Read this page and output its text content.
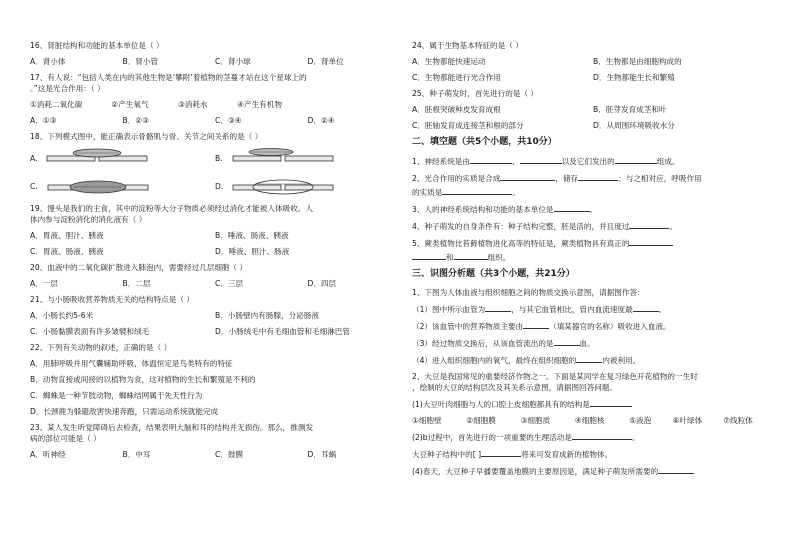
16、肾脏结构和功能的基本单位是（ ）
A．肾小体	B．肾小管	C．肾小球	D．肾单位
17、有人说：“包括人类在内的其他生物是‘攀附’着植物的茎蔓才站在这个星球上的
。”这是光合作用：（ ）
①消耗二氧化碳	②产生氧气	③消耗水	④产生有机物
A．①③	B．②③	C．③④	D．②④
18、下列模式图中，能正确表示骨骼肌与骨、关节之间关系的是（ ）
A.	B.
C.	D.
19、馒头是我们的主食，其中的淀粉等大分子物质必须经过消化才能被人体吸收。人
体内参与淀粉消化的消化液有（ ）
A．胃液、胆汁、胰液	B．唾液、肠液、胰液
C．胃液、肠液、胰液	D．唾液、胆汁、肠液
20、血液中的二氧化碳扩散进入肺泡内，需要经过几层细胞（ ）
A．一层	B．二层	C．三层	D．四层
21、与小肠吸收营养物质无关的结构特点是（ ）
A．小肠长约5-6米	B．小肠壁内有肠腺，分泌肠液
C．小肠黏膜表面有许多皱襞和绒毛	D．小肠绒毛中有毛细血管和毛细淋巴管
22、下列有关动物的叙述，正确的是（ ）
A．用肺呼吸并用气囊辅助呼吸、体温恒定是鸟类特有的特征
B．动物直接或间接的以植物为食，这对植物的生长和繁殖是不利的
C．蜘蛛是一种节肢动物，蜘蛛结网属于先天性行为
D．长颈鹿为躲避敌害快速奔跑，只需运动系统就能完成
23、某人发生听觉障碍后去检查，结果表明大脑和耳的结构并无损伤。那么，推测发
病的部位可能是（ ）
A．听神经	B．中耳	C．鼓膜	D．耳蜗
24、属于生物基本特征的是（ ）
A．生物都能快速运动	B．生物都是由细胞构成的
C．生物都能进行光合作用	D．生物都能生长和繁殖
25、种子萌发时，首先进行的是（ ）
A．胚根突破种皮发育成根	B．胚芽发育成茎和叶
C．胚轴发育成连接茎和根的部分	D．从周围环境吸收水分
二、填空题（共5个小题，共10分）
1、神经系统是由	、	以及它们发出的	组成。
2、光合作用的实质是合成	，储存	；与之相对应，呼吸作用
的实质是	。
3、人的神经系统结构和功能的基本单位是	。
4、种子萌发的自身条件有：种子结构完整，胚是活的，并且度过	。
5、蕨类植物比苔藓植物进化高等的特征是，蕨类植物具有真正的
和	组织。
三、识图分析题（共3个小题，共21分）
1、下图为人体血液与组织细胞之间的物质交换示意图，请据图作答：
（1）图中所示血管为	，与其它血管相比，管内血流速度最	。
（2）该血管中的营养物质主要由	（填某器官的名称）吸收进入血液。
（3）经过物质交换后，从该血管流出的是	血。
（4）进入组织细胞内的氧气，最终在组织细胞的	内被利用。
2、大豆是我国常见的重要经济作物之一。下面是某同学在复习绿色开花植物的一生时
，绘制的大豆的结构层次及其关系示意图，请据图回答问题。
(1)大豆叶肉细胞与人的口腔上皮细胞都具有的结构是
①细胞壁	②细胞膜	③细胞质	④细胞核	⑤液泡	⑥叶绿体	⑦线粒体
(2)b过程中，首先进行的一项重要的生理活动是	。
大豆种子结构中的[ ]	将来可发育成新的植物体。
(4)春天，大豆种子早播要覆盖地膜的主要原因是，满足种子萌发所需要的
